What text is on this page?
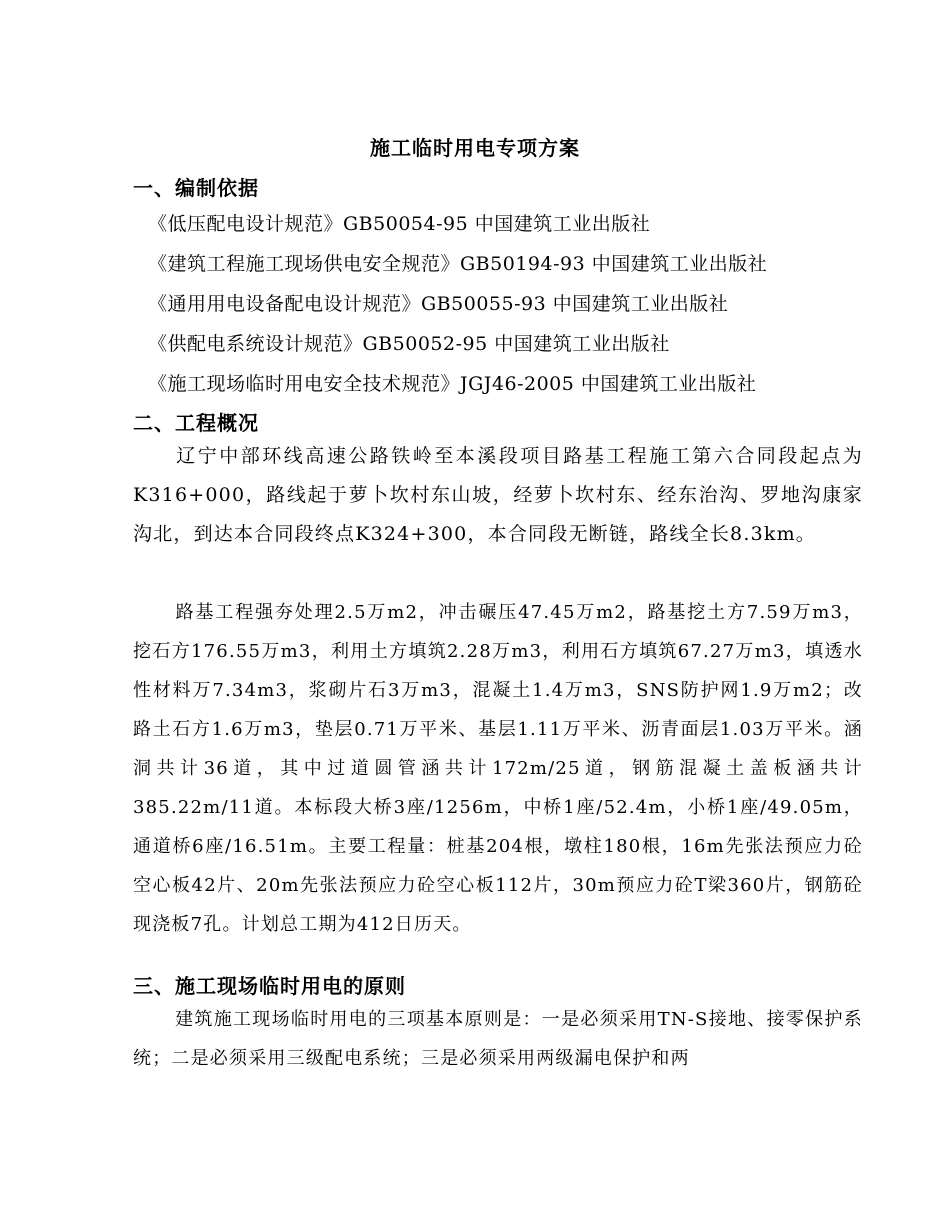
施工临时用电专项方案
一、编制依据
《低压配电设计规范》GB50054-95 中国建筑工业出版社
《建筑工程施工现场供电安全规范》GB50194-93 中国建筑工业出版社
《通用用电设备配电设计规范》GB50055-93 中国建筑工业出版社
《供配电系统设计规范》GB50052-95 中国建筑工业出版社
《施工现场临时用电安全技术规范》JGJ46-2005 中国建筑工业出版社
二、工程概况
辽宁中部环线高速公路铁岭至本溪段项目路基工程施工第六合同段起点为K316+000，路线起于萝卜坎村东山坡，经萝卜坎村东、经东治沟、罗地沟康家沟北，到达本合同段终点K324+300，本合同段无断链，路线全长8.3km。
路基工程强夯处理2.5万m2，冲击碾压47.45万m2，路基挖土方7.59万m3，挖石方176.55万m3，利用土方填筑2.28万m3，利用石方填筑67.27万m3，填透水性材料万7.34m3，浆砌片石3万m3，混凝土1.4万m3，SNS防护网1.9万m2；改路土石方1.6万m3，垫层0.71万平米、基层1.11万平米、沥青面层1.03万平米。涵洞共计36道，其中过道圆管涵共计172m/25道，钢筋混凝土盖板涵共计385.22m/11道。本标段大桥3座/1256m，中桥1座/52.4m，小桥1座/49.05m，通道桥6座/16.51m。主要工程量：桩基204根，墩柱180根，16m先张法预应力砼空心板42片、20m先张法预应力砼空心板112片，30m预应力砼T梁360片，钢筋砼现浇板7孔。计划总工期为412日历天。
三、施工现场临时用电的原则
建筑施工现场临时用电的三项基本原则是：一是必须采用TN-S接地、接零保护系统；二是必须采用三级配电系统；三是必须采用两级漏电保护和两
